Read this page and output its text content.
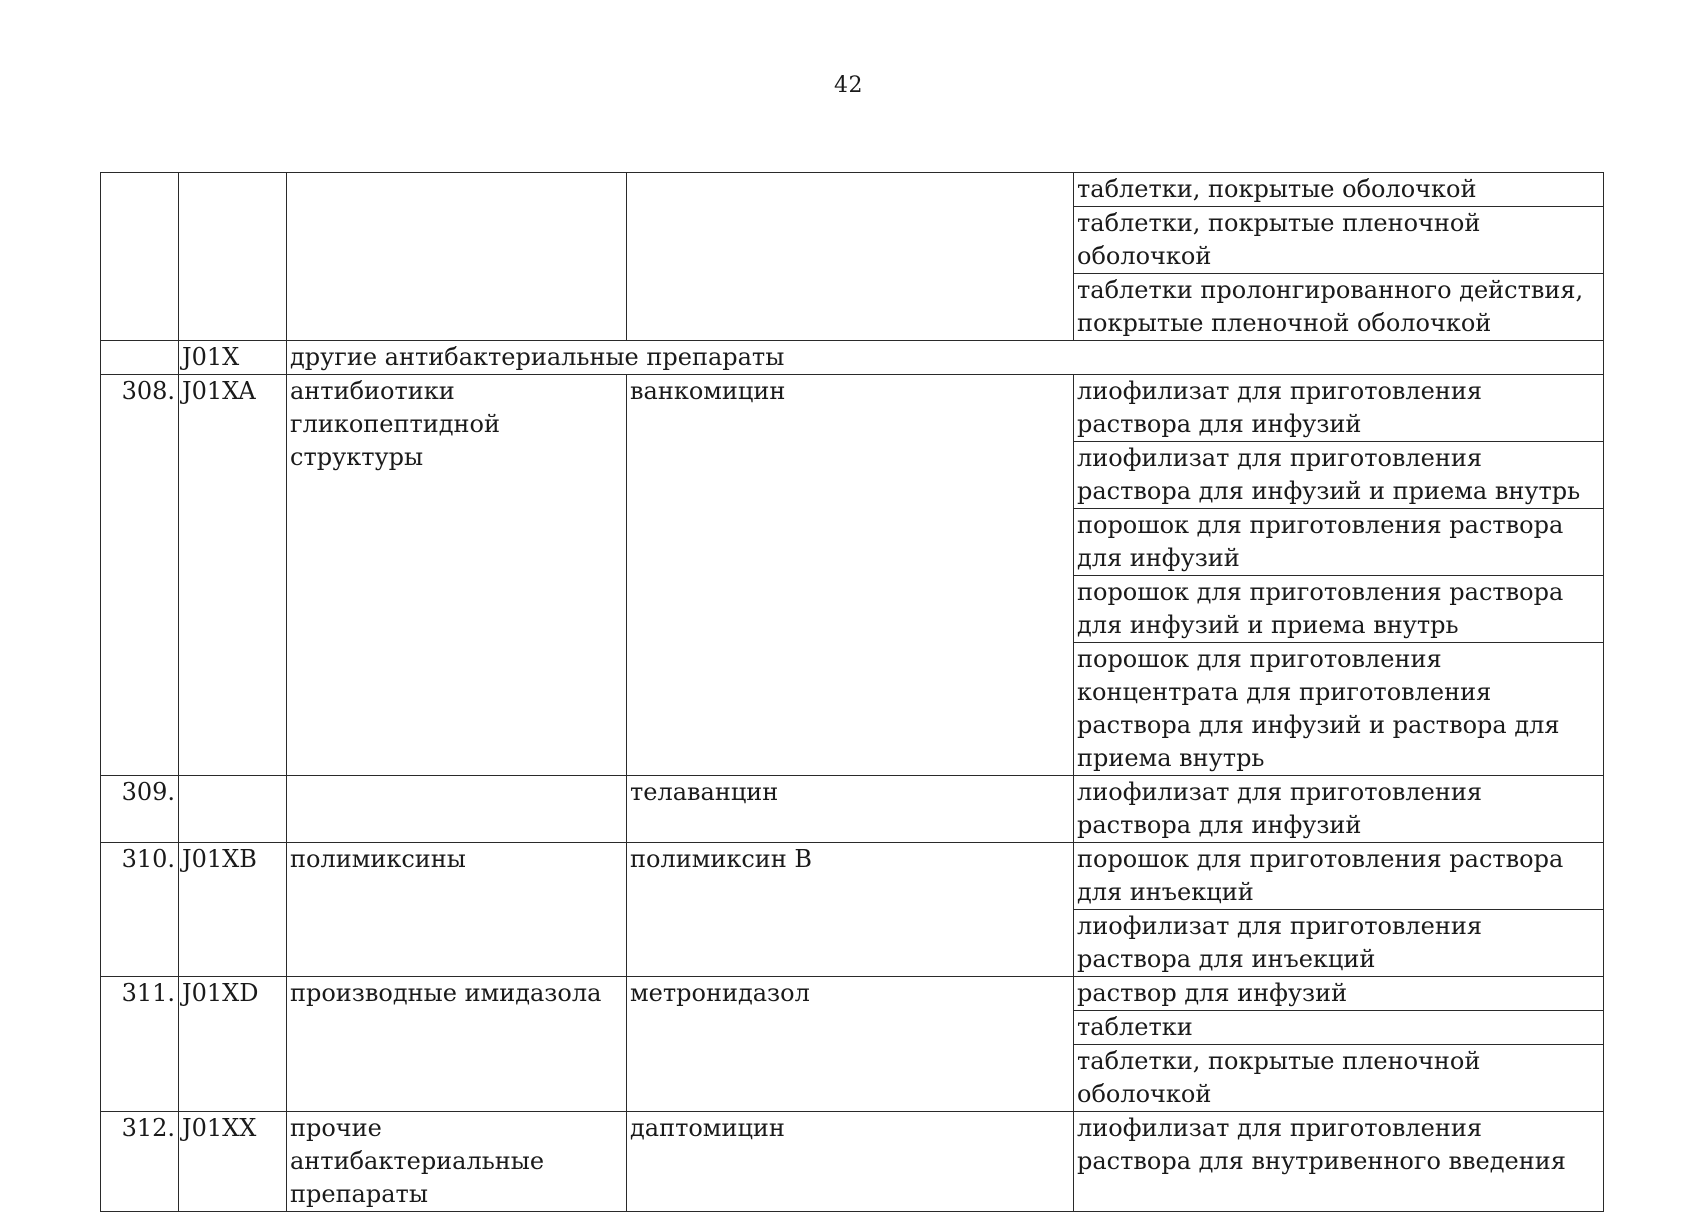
42
				таблетки, покрытые оболочкой
				таблетки, покрытые пленочной оболочкой
				таблетки пролонгированного действия, покрытые пленочной оболочкой
	J01X	другие антибактериальные препараты		
308.	J01XA	антибиотики гликопептидной структуры	ванкомицин	лиофилизат для приготовления раствора для инфузий
				лиофилизат для приготовления раствора для инфузий и приема внутрь
				порошок для приготовления раствора для инфузий
				порошок для приготовления раствора для инфузий и приема внутрь
				порошок для приготовления концентрата для приготовления раствора для инфузий и раствора для приема внутрь
309.			телаванцин	лиофилизат для приготовления раствора для инфузий
310.	J01XB	полимиксины	полимиксин В	порошок для приготовления раствора для инъекций
				лиофилизат для приготовления раствора для инъекций
311.	J01XD	производные имидазола	метронидазол	раствор для инфузий
				таблетки
				таблетки, покрытые пленочной оболочкой
312.	J01XX	прочие антибактериальные препараты	даптомицин	лиофилизат для приготовления раствора для внутривенного введения
